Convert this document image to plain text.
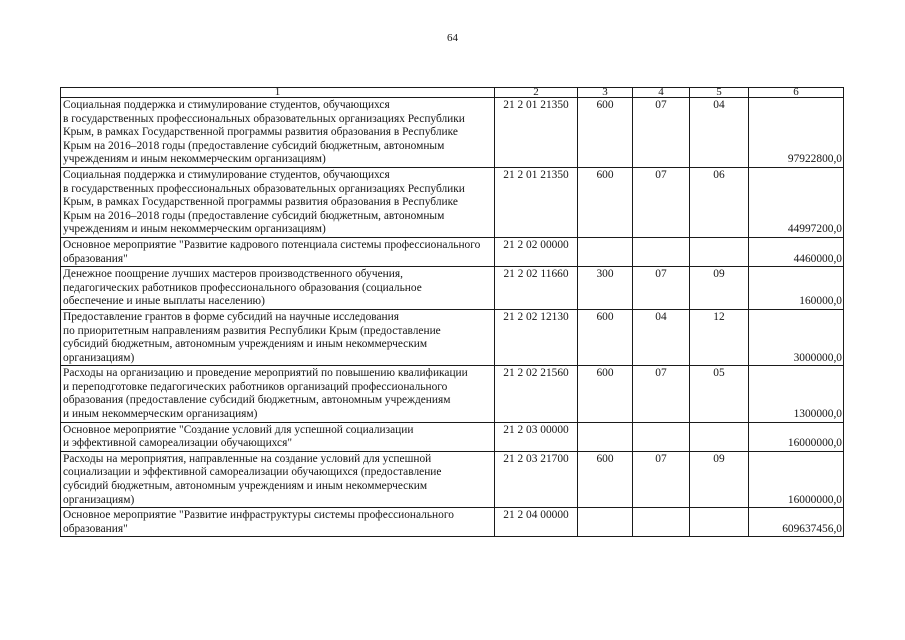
64
1	2	3	4	5	6

Социальная поддержка и стимулирование студентов, обучающихся
в государственных профессиональных образовательных организациях Республики
Крым, в рамках Государственной программы развития образования в Республике
Крым на 2016–2018 годы (предоставление субсидий бюджетным, автономным
учреждениям и иным некоммерческим организациям)	21 2 01 21350	600	07	04	97922800,0

Социальная поддержка и стимулирование студентов, обучающихся
в государственных профессиональных образовательных организациях Республики
Крым, в рамках Государственной программы развития образования в Республике
Крым на 2016–2018 годы (предоставление субсидий бюджетным, автономным
учреждениям и иным некоммерческим организациям)	21 2 01 21350	600	07	06	44997200,0

Основное мероприятие "Развитие кадрового потенциала системы профессионального
образования"	21 2 02 00000				4460000,0

Денежное поощрение лучших мастеров производственного обучения,
педагогических работников профессионального образования (социальное
обеспечение и иные выплаты населению)	21 2 02 11660	300	07	09	160000,0

Предоставление грантов в форме субсидий на научные исследования
по приоритетным направлениям развития Республики Крым (предоставление
субсидий бюджетным, автономным учреждениям и иным некоммерческим
организациям)	21 2 02 12130	600	04	12	3000000,0

Расходы на организацию и проведение мероприятий по повышению квалификации
и переподготовке педагогических работников организаций профессионального
образования (предоставление субсидий бюджетным, автономным учреждениям
и иным некоммерческим организациям)	21 2 02 21560	600	07	05	1300000,0

Основное мероприятие "Создание условий для успешной социализации
и эффективной самореализации обучающихся"	21 2 03 00000				16000000,0

Расходы на мероприятия, направленные на создание условий для успешной
социализации и эффективной самореализации обучающихся (предоставление
субсидий бюджетным, автономным учреждениям и иным некоммерческим
организациям)	21 2 03 21700	600	07	09	16000000,0

Основное мероприятие "Развитие инфраструктуры системы профессионального
образования"	21 2 04 00000				609637456,0
